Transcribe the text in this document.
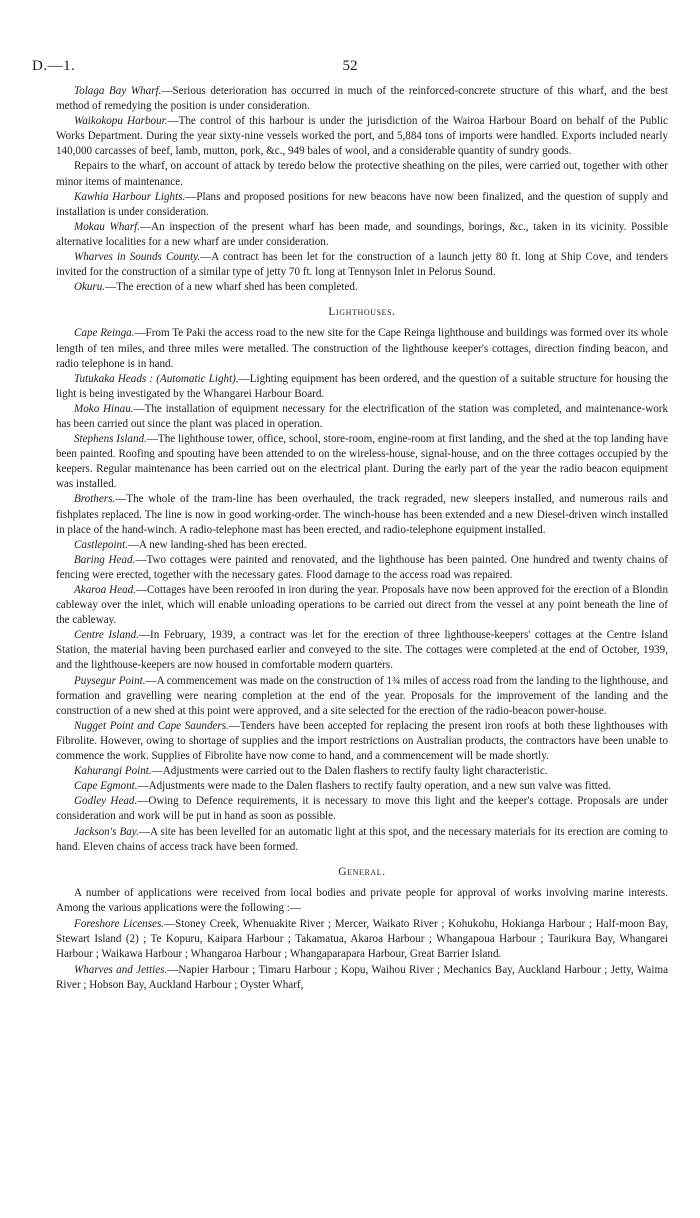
D.—1.	52

Tolaga Bay Wharf.—Serious deterioration has occurred in much of the reinforced-concrete structure of this wharf, and the best method of remedying the position is under consideration.

Waikokopu Harbour.—The control of this harbour is under the jurisdiction of the Wairoa Harbour Board on behalf of the Public Works Department. During the year sixty-nine vessels worked the port, and 5,884 tons of imports were handled. Exports included nearly 140,000 carcasses of beef, lamb, mutton, pork, &c., 949 bales of wool, and a considerable quantity of sundry goods.

Repairs to the wharf, on account of attack by teredo below the protective sheathing on the piles, were carried out, together with other minor items of maintenance.

Kawhia Harbour Lights.—Plans and proposed positions for new beacons have now been finalized, and the question of supply and installation is under consideration.

Mokau Wharf.—An inspection of the present wharf has been made, and soundings, borings, &c., taken in its vicinity. Possible alternative localities for a new wharf are under consideration.

Wharves in Sounds County.—A contract has been let for the construction of a launch jetty 80 ft. long at Ship Cove, and tenders invited for the construction of a similar type of jetty 70 ft. long at Tennyson Inlet in Pelorus Sound.

Okuru.—The erection of a new wharf shed has been completed.

Lighthouses.

Cape Reinga.—From Te Paki the access road to the new site for the Cape Reinga lighthouse and buildings was formed over its whole length of ten miles, and three miles were metalled. The construction of the lighthouse keeper's cottages, direction finding beacon, and radio telephone is in hand.

Tutukaka Heads : (Automatic Light).—Lighting equipment has been ordered, and the question of a suitable structure for housing the light is being investigated by the Whangarei Harbour Board.

Moko Hinau.—The installation of equipment necessary for the electrification of the station was completed, and maintenance-work has been carried out since the plant was placed in operation.

Stephens Island.—The lighthouse tower, office, school, store-room, engine-room at first landing, and the shed at the top landing have been painted. Roofing and spouting have been attended to on the wireless-house, signal-house, and on the three cottages occupied by the keepers. Regular maintenance has been carried out on the electrical plant. During the early part of the year the radio beacon equipment was installed.

Brothers.—The whole of the tram-line has been overhauled, the track regraded, new sleepers installed, and numerous rails and fishplates replaced. The line is now in good working-order. The winch-house has been extended and a new Diesel-driven winch installed in place of the hand-winch. A radio-telephone mast has been erected, and radio-telephone equipment installed.

Castlepoint.—A new landing-shed has been erected.

Baring Head.—Two cottages were painted and renovated, and the lighthouse has been painted. One hundred and twenty chains of fencing were erected, together with the necessary gates. Flood damage to the access road was repaired.

Akaroa Head.—Cottages have been reroofed in iron during the year. Proposals have now been approved for the erection of a Blondin cableway over the inlet, which will enable unloading operations to be carried out direct from the vessel at any point beneath the line of the cableway.

Centre Island.—In February, 1939, a contract was let for the erection of three lighthouse-keepers' cottages at the Centre Island Station, the material having been purchased earlier and conveyed to the site. The cottages were completed at the end of October, 1939, and the lighthouse-keepers are now housed in comfortable modern quarters.

Puysegur Point.—A commencement was made on the construction of 1¾ miles of access road from the landing to the lighthouse, and formation and gravelling were nearing completion at the end of the year. Proposals for the improvement of the landing and the construction of a new shed at this point were approved, and a site selected for the erection of the radio-beacon power-house.

Nugget Point and Cape Saunders.—Tenders have been accepted for replacing the present iron roofs at both these lighthouses with Fibrolite. However, owing to shortage of supplies and the import restrictions on Australian products, the contractors have been unable to commence the work. Supplies of Fibrolite have now come to hand, and a commencement will be made shortly.

Kahurangi Point.—Adjustments were carried out to the Dalen flashers to rectify faulty light characteristic.

Cape Egmont.—Adjustments were made to the Dalen flashers to rectify faulty operation, and a new sun valve was fitted.

Godley Head.—Owing to Defence requirements, it is necessary to move this light and the keeper's cottage. Proposals are under consideration and work will be put in hand as soon as possible.

Jackson's Bay.—A site has been levelled for an automatic light at this spot, and the necessary materials for its erection are coming to hand. Eleven chains of access track have been formed.

General.

A number of applications were received from local bodies and private people for approval of works involving marine interests. Among the various applications were the following :—

Foreshore Licenses.—Stoney Creek, Whenuakite River ; Mercer, Waikato River ; Kohukohu, Hokianga Harbour ; Half-moon Bay, Stewart Island (2) ; Te Kopuru, Kaipara Harbour ; Takamatua, Akaroa Harbour ; Whangapoua Harbour ; Taurikura Bay, Whangarei Harbour ; Waikawa Harbour ; Whangaroa Harbour ; Whangaparapara Harbour, Great Barrier Island.

Wharves and Jetties.—Napier Harbour ; Timaru Harbour ; Kopu, Waihou River ; Mechanics Bay, Auckland Harbour ; Jetty, Waima River ; Hobson Bay, Auckland Harbour ; Oyster Wharf,
